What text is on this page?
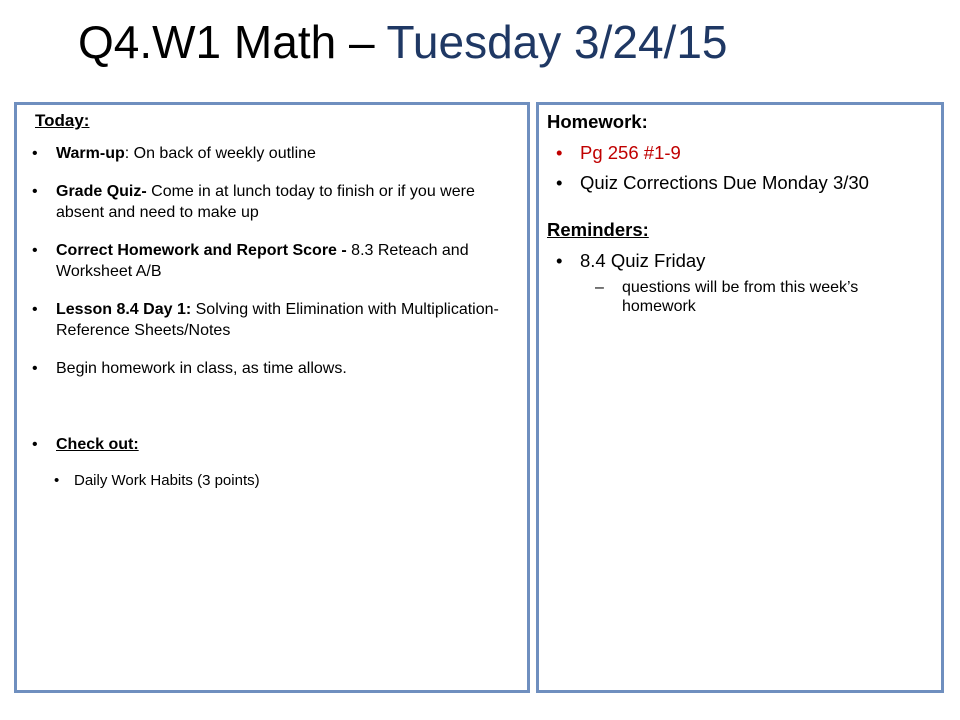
Q4.W1 Math – Tuesday 3/24/15
Today:
• Warm-up: On back of weekly outline
• Grade Quiz- Come in at lunch today to finish or if you were absent and need to make up
• Correct Homework and Report Score - 8.3 Reteach and Worksheet A/B
• Lesson 8.4 Day 1: Solving with Elimination with Multiplication- Reference Sheets/Notes
• Begin homework in class, as time allows.
• Check out:
• Daily Work Habits (3 points)
Homework:
• Pg 256 #1-9
• Quiz Corrections Due Monday 3/30
Reminders:
• 8.4 Quiz Friday
– questions will be from this week’s homework
